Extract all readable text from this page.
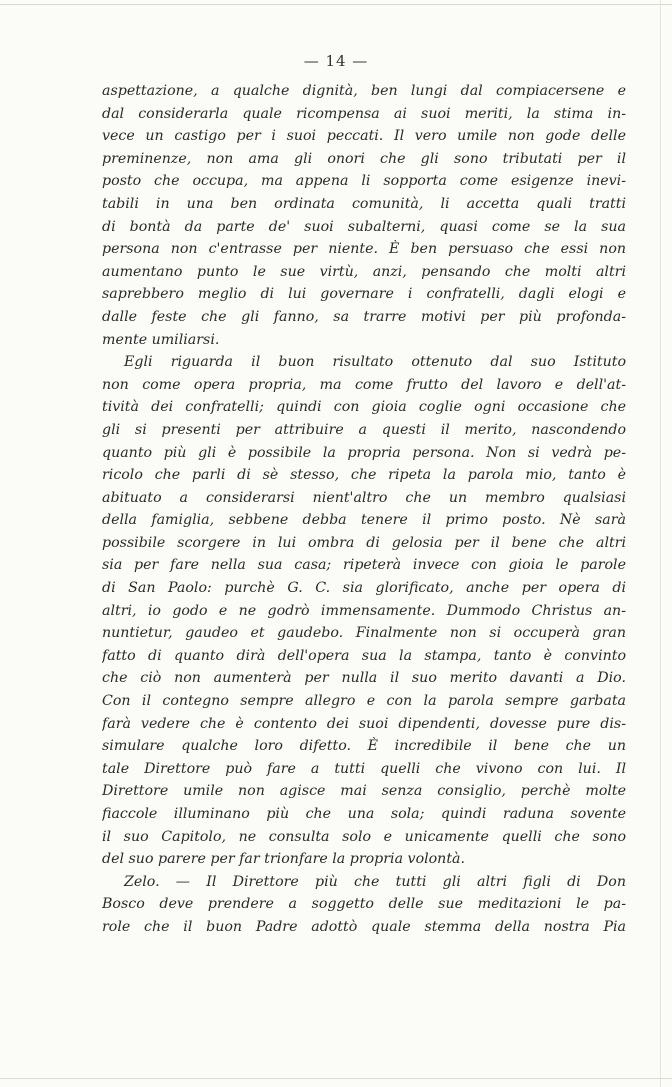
— 14 —
aspettazione, a qualche dignità, ben lungi dal compiacersene e
dal considerarla quale ricompensa ai suoi meriti, la stima in-
vece un castigo per i suoi peccati. Il vero umile non gode delle
preminenze, non ama gli onori che gli sono tributati per il
posto che occupa, ma appena li sopporta come esigenze inevi-
tabili in una ben ordinata comunità, li accetta quali tratti
di bontà da parte de' suoi subalterni, quasi come se la sua
persona non c'entrasse per niente. È ben persuaso che essi non
aumentano punto le sue virtù, anzi, pensando che molti altri
saprebbero meglio di lui governare i confratelli, dagli elogi e
dalle feste che gli fanno, sa trarre motivi per più profonda-
mente umiliarsi.
Egli riguarda il buon risultato ottenuto dal suo Istituto
non come opera propria, ma come frutto del lavoro e dell'at-
tività dei confratelli; quindi con gioia coglie ogni occasione che
gli si presenti per attribuire a questi il merito, nascondendo
quanto più gli è possibile la propria persona. Non si vedrà pe-
ricolo che parli di sè stesso, che ripeta la parola mio, tanto è
abituato a considerarsi nient'altro che un membro qualsiasi
della famiglia, sebbene debba tenere il primo posto. Nè sarà
possibile scorgere in lui ombra di gelosia per il bene che altri
sia per fare nella sua casa; ripeterà invece con gioia le parole
di San Paolo: purchè G. C. sia glorificato, anche per opera di
altri, io godo e ne godrò immensamente. Dummodo Christus an-
nuntietur, gaudeo et gaudebo. Finalmente non si occuperà gran
fatto di quanto dirà dell'opera sua la stampa, tanto è convinto
che ciò non aumenterà per nulla il suo merito davanti a Dio.
Con il contegno sempre allegro e con la parola sempre garbata
farà vedere che è contento dei suoi dipendenti, dovesse pure dis-
simulare qualche loro difetto. È incredibile il bene che un
tale Direttore può fare a tutti quelli che vivono con lui. Il
Direttore umile non agisce mai senza consiglio, perchè molte
fiaccole illuminano più che una sola; quindi raduna sovente
il suo Capitolo, ne consulta solo e unicamente quelli che sono
del suo parere per far trionfare la propria volontà.
Zelo. — Il Direttore più che tutti gli altri figli di Don
Bosco deve prendere a soggetto delle sue meditazioni le pa-
role che il buon Padre adottò quale stemma della nostra Pia
